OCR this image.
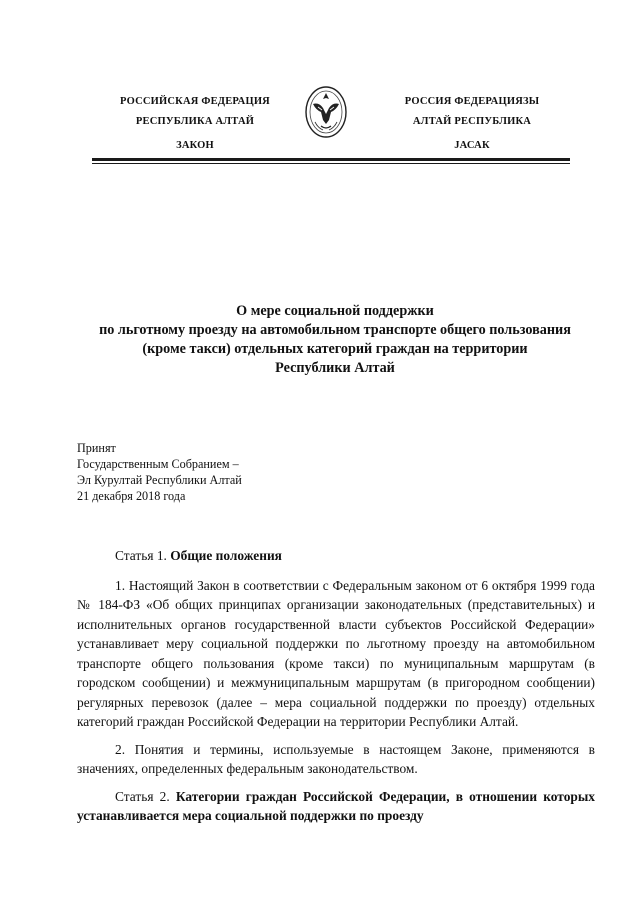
РОССИЙСКАЯ ФЕДЕРАЦИЯ
РЕСПУБЛИКА АЛТАЙ
ЗАКОН
РОССИЯ ФЕДЕРАЦИЯЗЫ
АЛТАЙ РЕСПУБЛИКА
JАСАК
О мере социальной поддержки
по льготному проезду на автомобильном транспорте общего пользования
(кроме такси) отдельных категорий граждан на территории
Республики Алтай
Принят
Государственным Собранием –
Эл Курултай Республики Алтай
21 декабря 2018 года

Статья 1. Общие положения

1. Настоящий Закон в соответствии с Федеральным законом от 6 октября 1999 года № 184-ФЗ «Об общих принципах организации законодательных (представительных) и исполнительных органов государственной власти субъектов Российской Федерации» устанавливает меру социальной поддержки по льготному проезду на автомобильном транспорте общего пользования (кроме такси) по муниципальным маршрутам (в городском сообщении) и межмуниципальным маршрутам (в пригородном сообщении) регулярных перевозок (далее – мера социальной поддержки по проезду) отдельных категорий граждан Российской Федерации на территории Республики Алтай.

2. Понятия и термины, используемые в настоящем Законе, применяются в значениях, определенных федеральным законодательством.

Статья 2. Категории граждан Российской Федерации, в отношении которых устанавливается мера социальной поддержки по проезду
